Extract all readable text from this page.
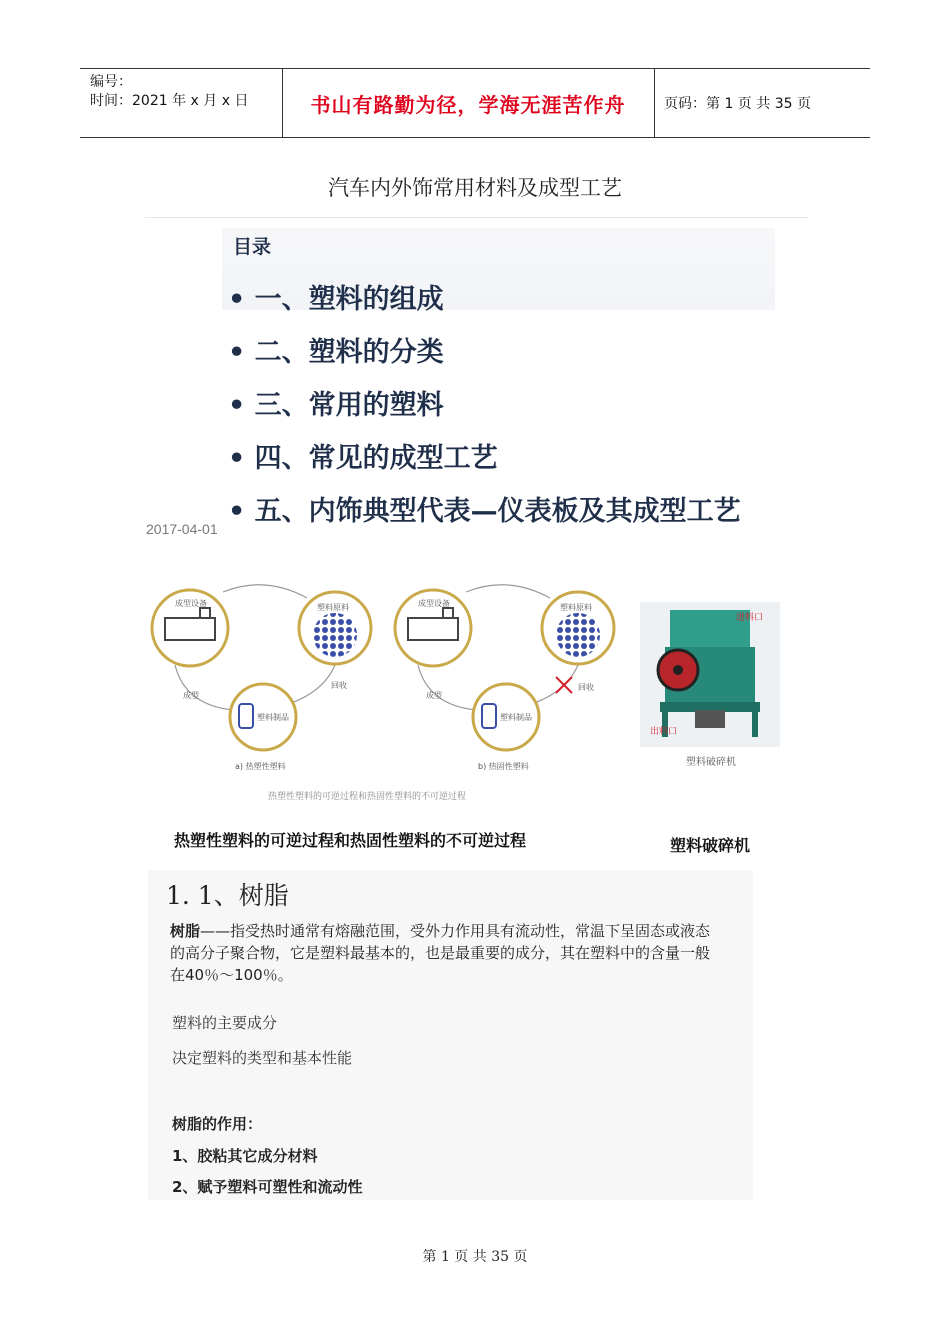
编号：
时间：2021 年 x 月 x 日	书山有路勤为径，学海无涯苦作舟	页码：第 1 页 共 35 页
汽车内外饰常用材料及成型工艺
目录
• 一、塑料的组成
• 二、塑料的分类
• 三、常用的塑料
• 四、常见的成型工艺
• 五、内饰典型代表—仪表板及其成型工艺
2017-04-01
成型设备	塑料原料
塑料制品
成型
回收
a) 热塑性塑料
成型设备	塑料原料
塑料制品
成型
回收
b) 热固性塑料
热塑性塑料的可逆过程和热固性塑料的不可逆过程
进料口
出料口
塑料破碎机
热塑性塑料的可逆过程和热固性塑料的不可逆过程	塑料破碎机
1. 1、树脂
树脂——指受热时通常有熔融范围，受外力作用具有流动性，常温下呈固态或液态的高分子聚合物，它是塑料最基本的，也是最重要的成分，其在塑料中的含量一般在40％～100％。
塑料的主要成分
决定塑料的类型和基本性能
树脂的作用：
1、胶粘其它成分材料
2、赋予塑料可塑性和流动性
第 1 页 共 35 页
